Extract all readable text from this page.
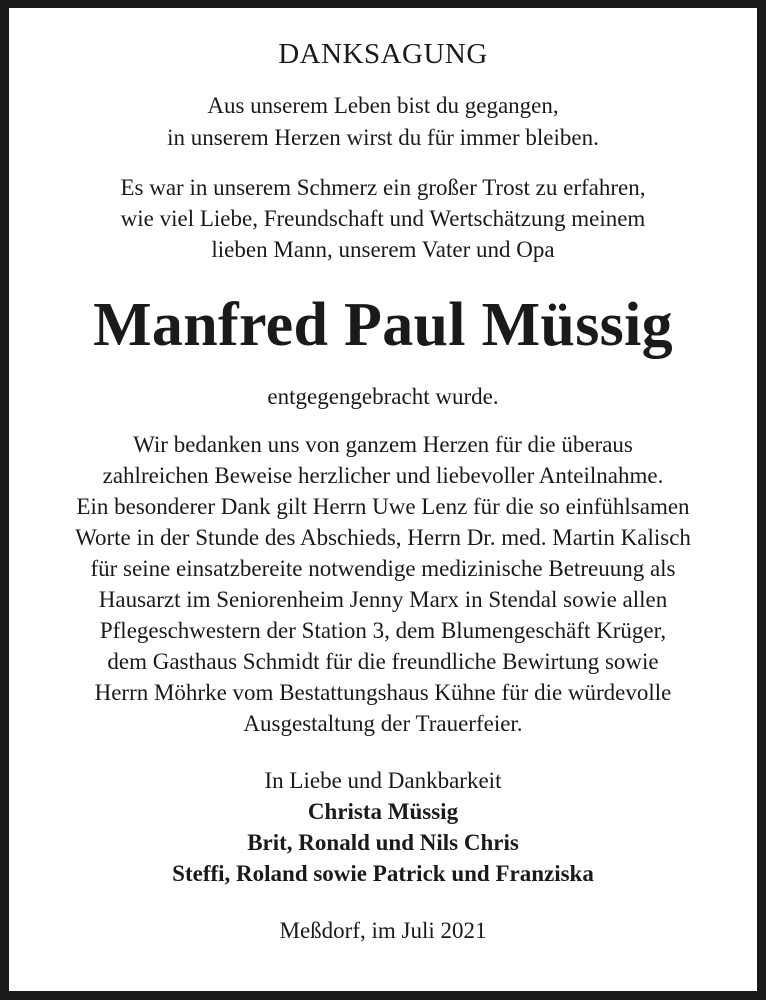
DANKSAGUNG
Aus unserem Leben bist du gegangen,
in unserem Herzen wirst du für immer bleiben.
Es war in unserem Schmerz ein großer Trost zu erfahren,
wie viel Liebe, Freundschaft und Wertschätzung meinem
lieben Mann, unserem Vater und Opa
Manfred Paul Müssig
entgegengebracht wurde.
Wir bedanken uns von ganzem Herzen für die überaus
zahlreichen Beweise herzlicher und liebevoller Anteilnahme.
Ein besonderer Dank gilt Herrn Uwe Lenz für die so einfühlsamen
Worte in der Stunde des Abschieds, Herrn Dr. med. Martin Kalisch
für seine einsatzbereite notwendige medizinische Betreuung als
Hausarzt im Seniorenheim Jenny Marx in Stendal sowie allen
Pflegeschwestern der Station 3, dem Blumengeschäft Krüger,
dem Gasthaus Schmidt für die freundliche Bewirtung sowie
Herrn Möhrke vom Bestattungshaus Kühne für die würdevolle
Ausgestaltung der Trauerfeier.
In Liebe und Dankbarkeit
Christa Müssig
Brit, Ronald und Nils Chris
Steffi, Roland sowie Patrick und Franziska
Meßdorf, im Juli 2021
